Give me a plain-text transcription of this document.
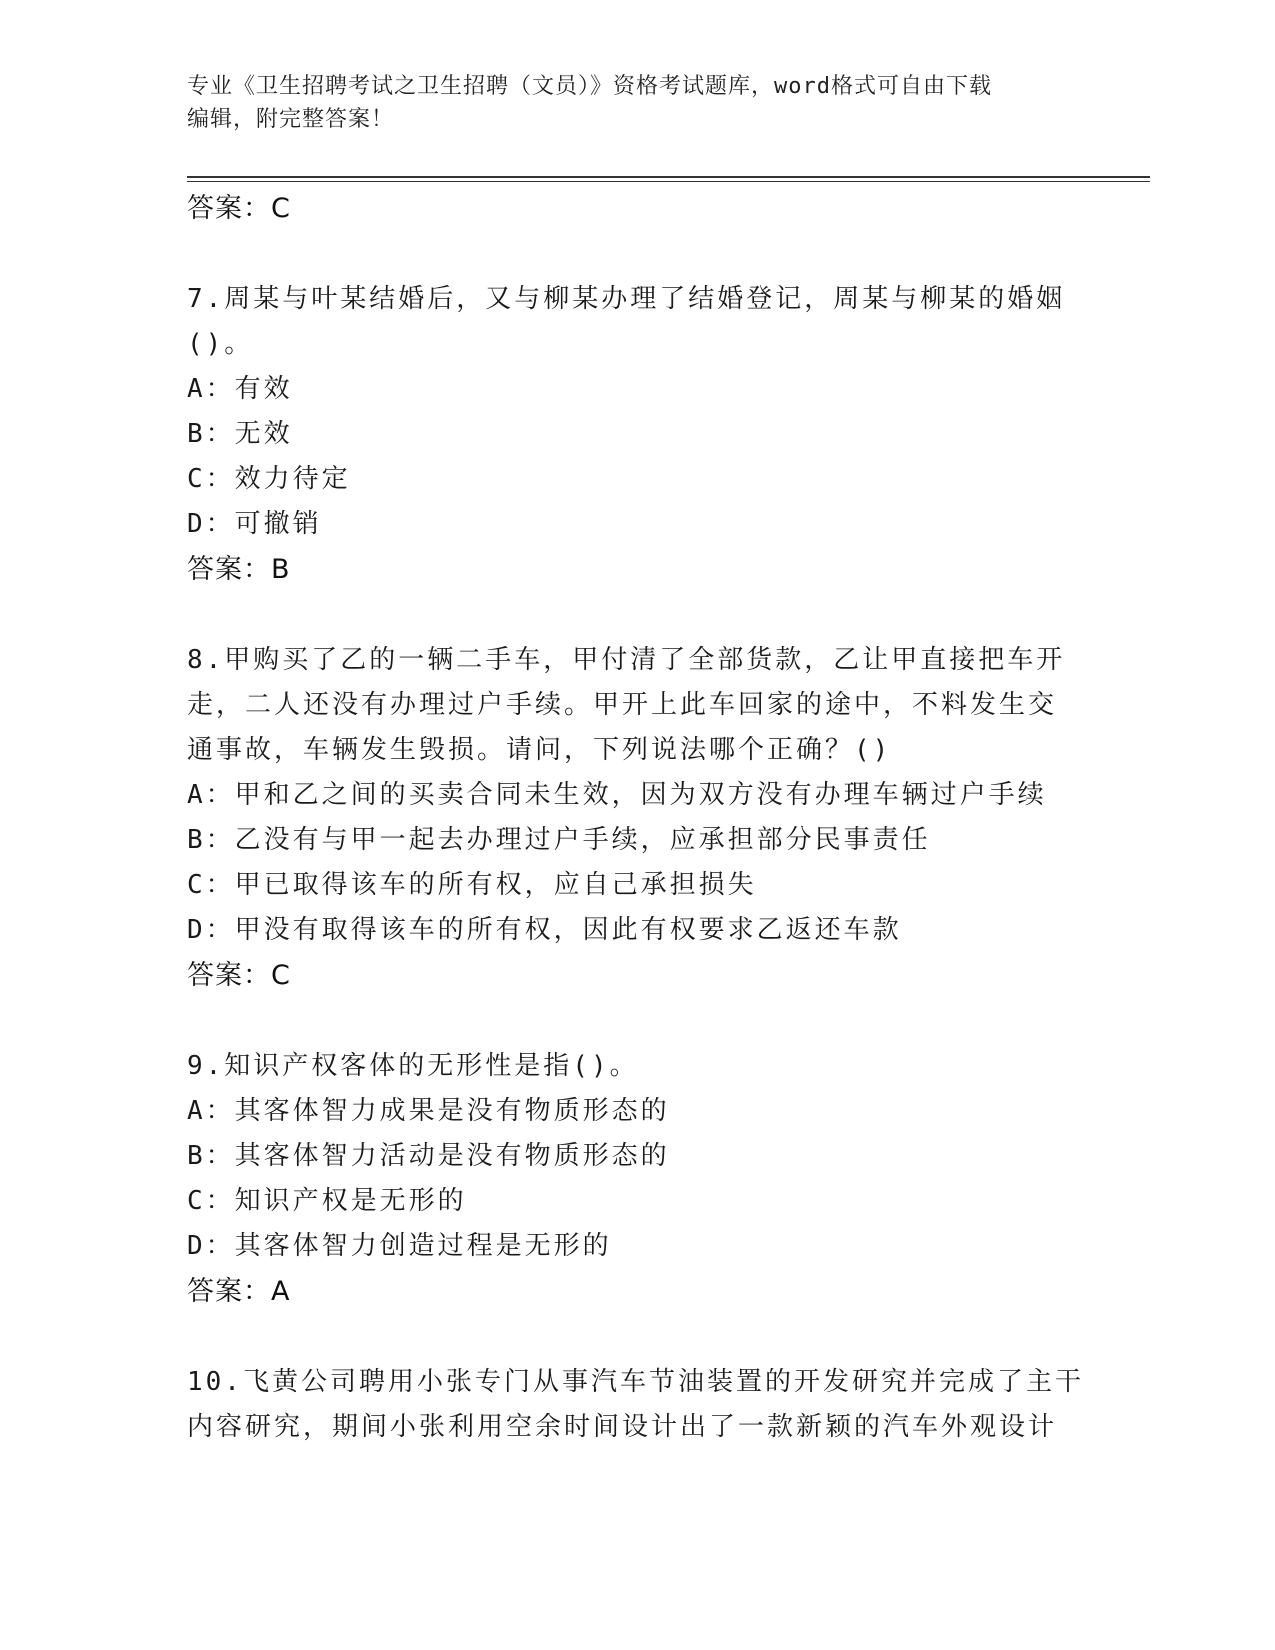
专业《卫生招聘考试之卫生招聘（文员）》资格考试题库，word格式可自由下载
编辑，附完整答案！
答案：C
7.周某与叶某结婚后，又与柳某办理了结婚登记，周某与柳某的婚姻
()。
A：有效
B：无效
C：效力待定
D：可撤销
答案：B
8.甲购买了乙的一辆二手车，甲付清了全部货款，乙让甲直接把车开
走，二人还没有办理过户手续。甲开上此车回家的途中，不料发生交
通事故，车辆发生毁损。请问，下列说法哪个正确？()
A：甲和乙之间的买卖合同未生效，因为双方没有办理车辆过户手续
B：乙没有与甲一起去办理过户手续，应承担部分民事责任
C：甲已取得该车的所有权，应自己承担损失
D：甲没有取得该车的所有权，因此有权要求乙返还车款
答案：C
9.知识产权客体的无形性是指()。
A：其客体智力成果是没有物质形态的
B：其客体智力活动是没有物质形态的
C：知识产权是无形的
D：其客体智力创造过程是无形的
答案：A
10.飞黄公司聘用小张专门从事汽车节油装置的开发研究并完成了主干
内容研究，期间小张利用空余时间设计出了一款新颖的汽车外观设计
